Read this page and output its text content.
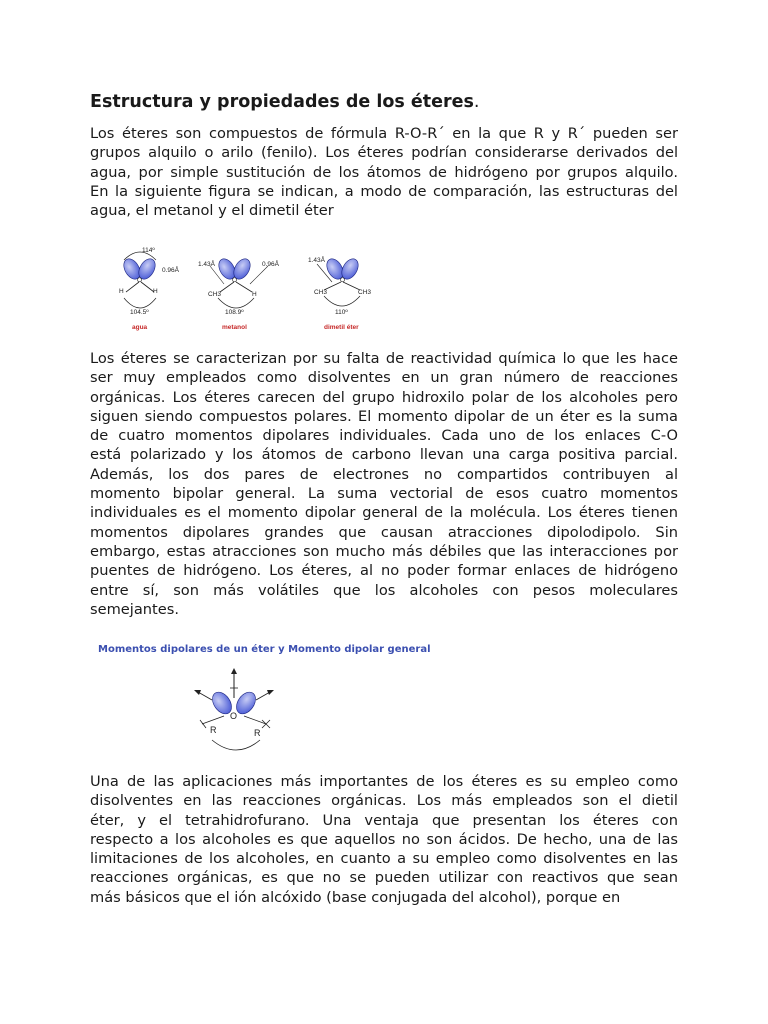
Estructura y propiedades de los éteres.
Los éteres son compuestos de fórmula R-O-R´ en la que R y R´ pueden ser
grupos alquilo o arilo (fenilo). Los éteres podrían considerarse derivados del
agua, por simple sustitución de los átomos de hidrógeno por grupos alquilo.
En la siguiente figura se indican, a modo de comparación, las estructuras del
agua, el metanol y el dimetil éter
Los éteres se caracterizan por su falta de reactividad química lo que les hace
ser muy empleados como disolventes en un gran número de reacciones
orgánicas. Los éteres carecen del grupo hidroxilo polar de los alcoholes pero
siguen siendo compuestos polares. El momento dipolar de un éter es la suma
de cuatro momentos dipolares individuales. Cada uno de los enlaces C-O
está polarizado y los átomos de carbono llevan una carga positiva parcial.
Además, los dos pares de electrones no compartidos contribuyen al
momento bipolar general. La suma vectorial de esos cuatro momentos
individuales es el momento dipolar general de la molécula. Los éteres tienen
momentos dipolares grandes que causan atracciones dipolodipolo. Sin
embargo, estas atracciones son mucho más débiles que las interacciones por
puentes de hidrógeno. Los éteres, al no poder formar enlaces de hidrógeno
entre sí, son más volátiles que los alcoholes con pesos moleculares
semejantes.
Una de las aplicaciones más importantes de los éteres es su empleo como
disolventes en las reacciones orgánicas. Los más empleados son el dietil
éter, y el tetrahidrofurano. Una ventaja que presentan los éteres con
respecto a los alcoholes es que aquellos no son ácidos. De hecho, una de las
limitaciones de los alcoholes, en cuanto a su empleo como disolventes en las
reacciones orgánicas, es que no se pueden utilizar con reactivos que sean
más básicos que el ión alcóxido (base conjugada del alcohol), porque en
114º
0.96Å
O
H	H
104.5º
agua
1.43Å	0.96Å
O
CH3	H
108.9º
metanol
1.43Å
O
CH3	CH3
110º
dimetil éter
Momentos dipolares de un éter y Momento dipolar general
O
R	R
